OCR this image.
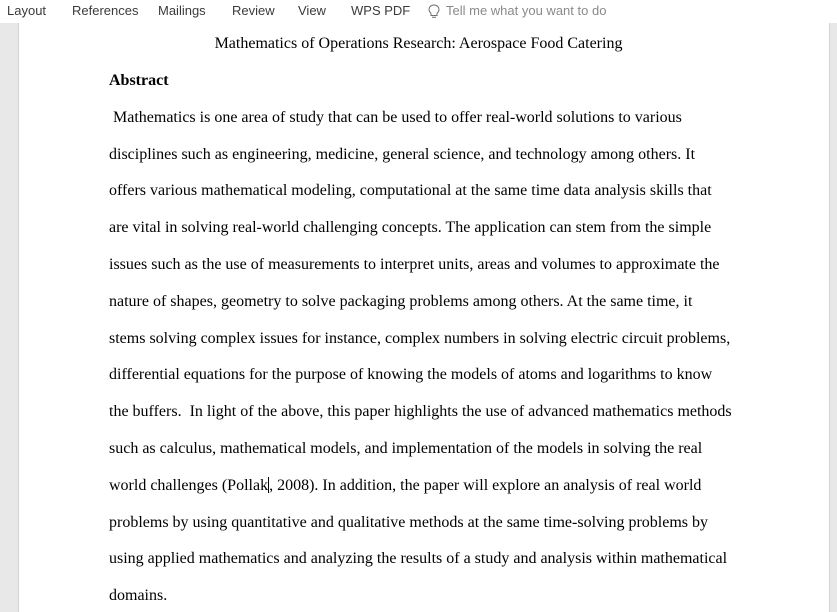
Layout References Mailings Review View WPS PDF	Tell me what you want to do
Mathematics of Operations Research: Aerospace Food Catering
Abstract
Mathematics is one area of study that can be used to offer real-world solutions to various
disciplines such as engineering, medicine, general science, and technology among others. It
offers various mathematical modeling, computational at the same time data analysis skills that
are vital in solving real-world challenging concepts. The application can stem from the simple
issues such as the use of measurements to interpret units, areas and volumes to approximate the
nature of shapes, geometry to solve packaging problems among others. At the same time, it
stems solving complex issues for instance, complex numbers in solving electric circuit problems,
differential equations for the purpose of knowing the models of atoms and logarithms to know
the buffers.  In light of the above, this paper highlights the use of advanced mathematics methods
such as calculus, mathematical models, and implementation of the models in solving the real
world challenges (Pollak, 2008). In addition, the paper will explore an analysis of real world
problems by using quantitative and qualitative methods at the same time-solving problems by
using applied mathematics and analyzing the results of a study and analysis within mathematical
domains.
